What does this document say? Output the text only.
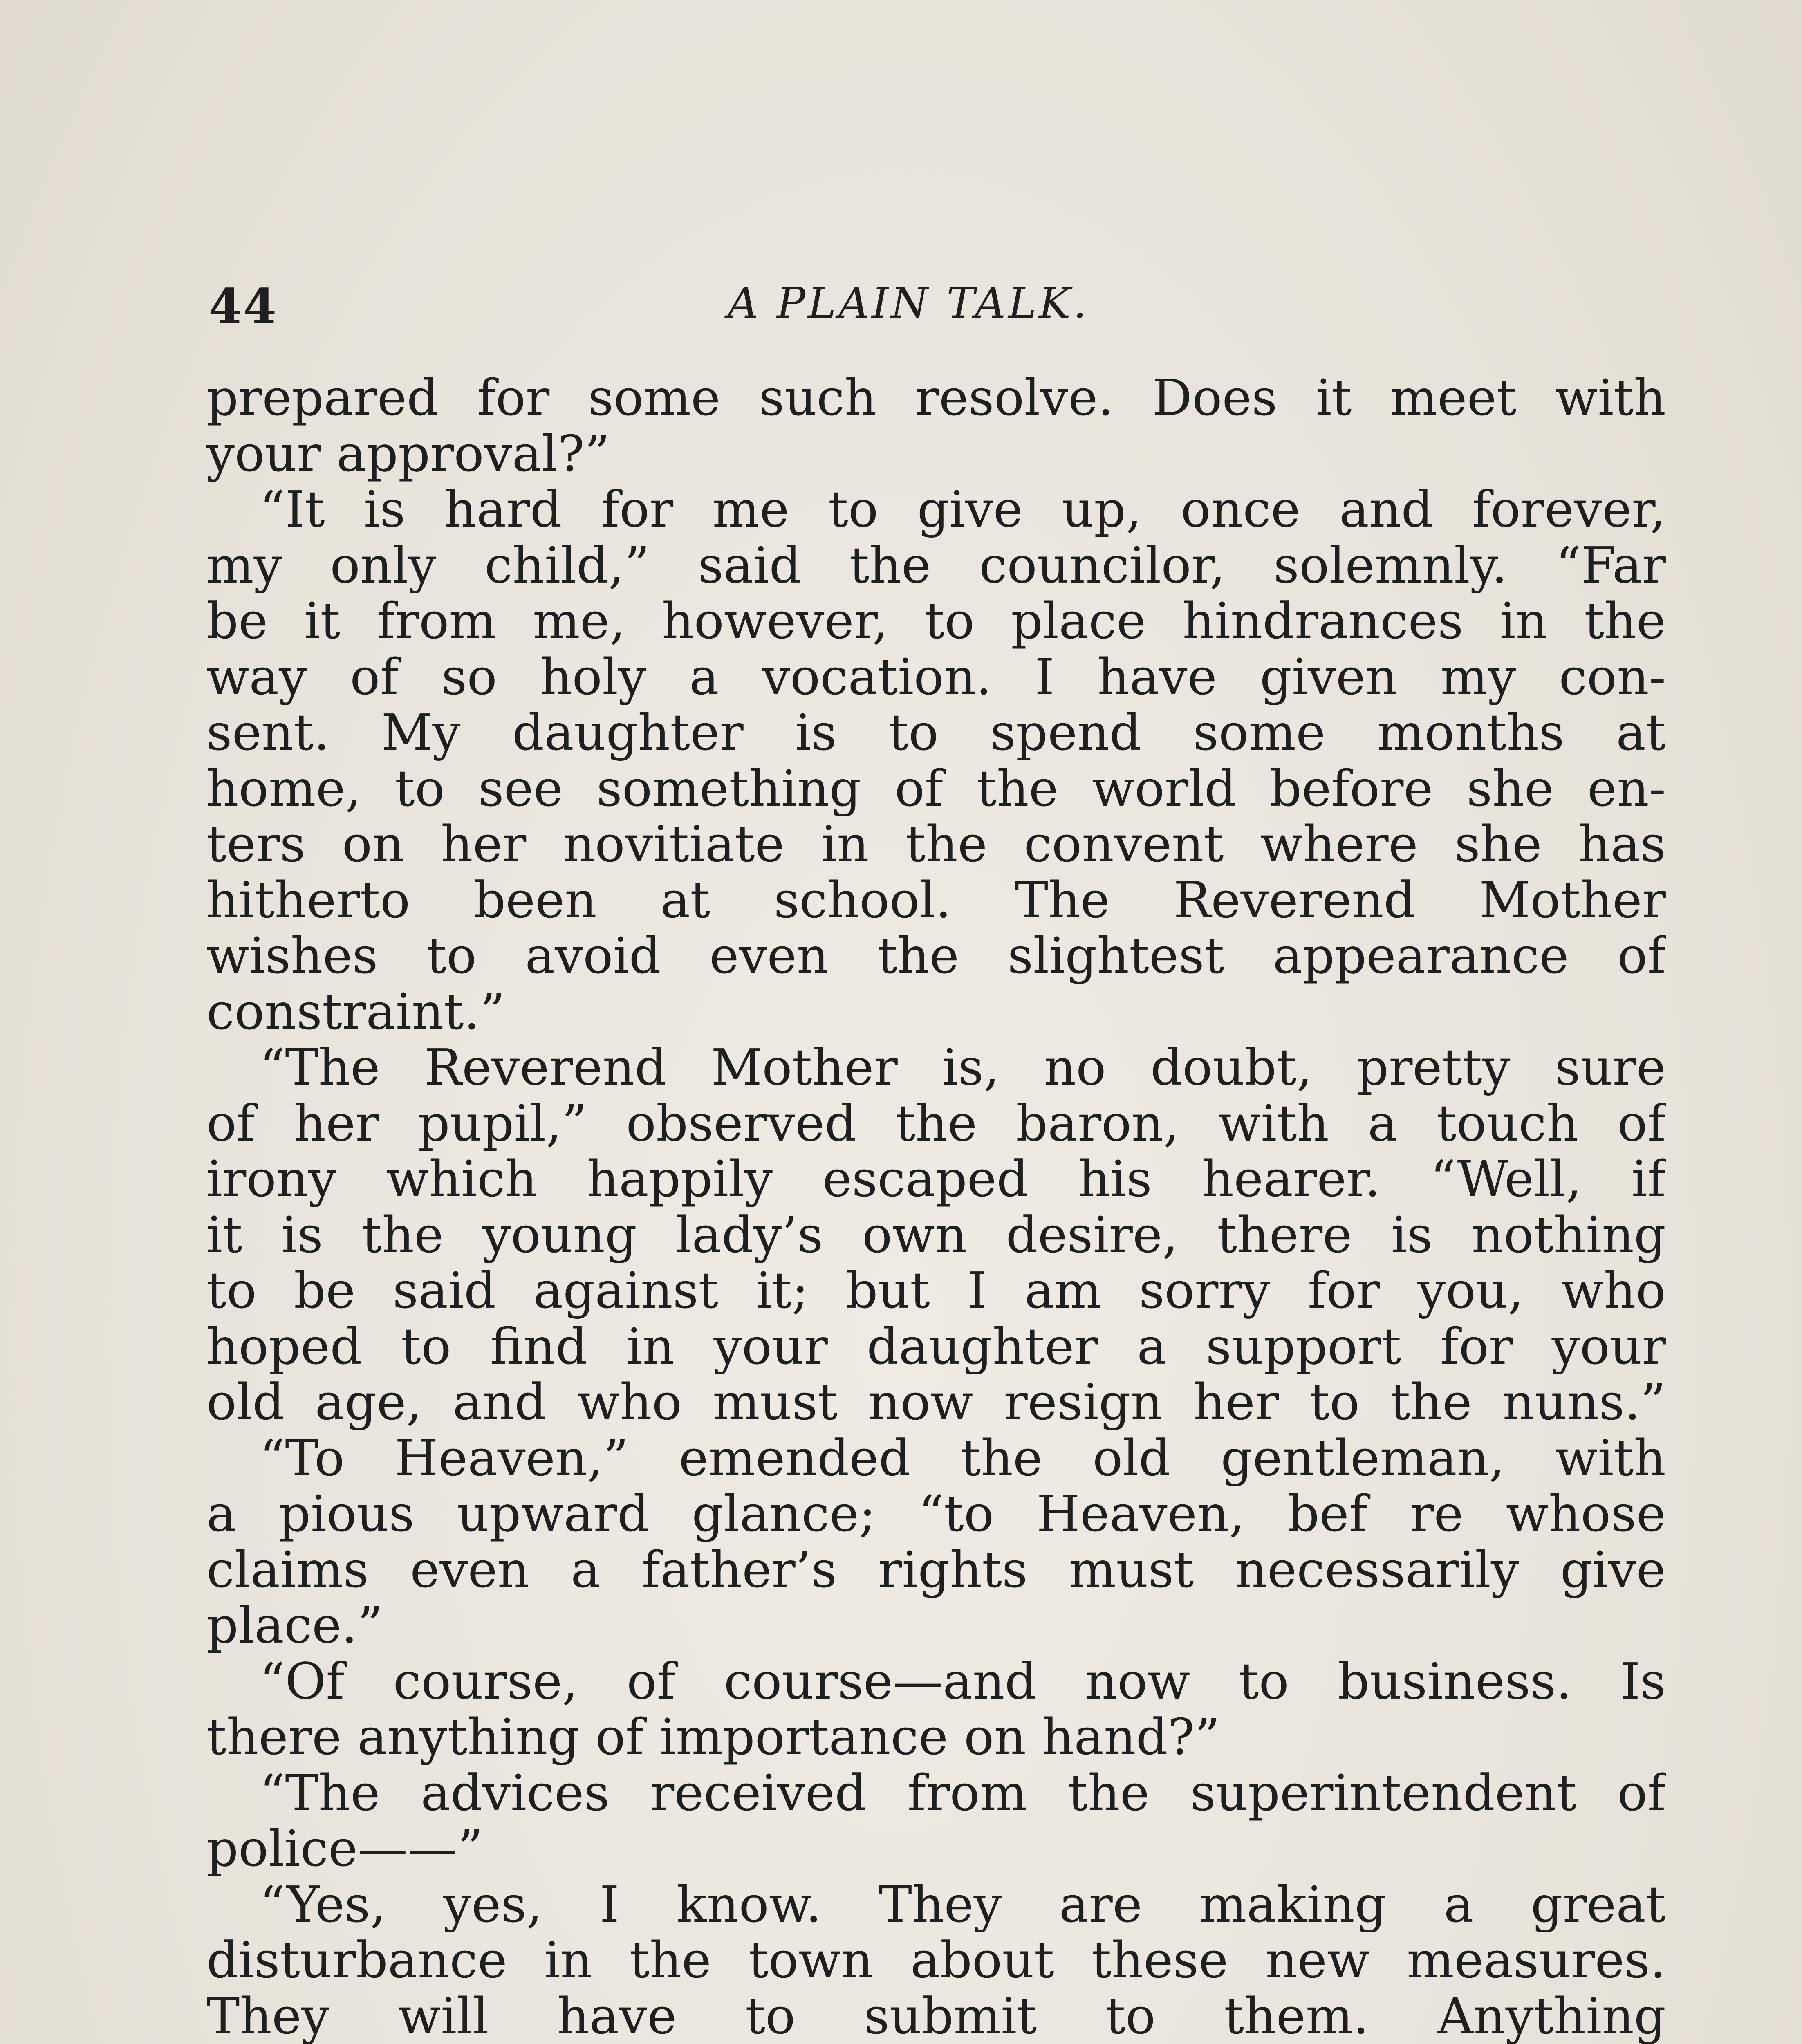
44	A PLAIN TALK.
prepared for some such resolve. Does it meet with
your approval?”
“It is hard for me to give up, once and forever,
my only child,” said the councilor, solemnly. “Far
be it from me, however, to place hindrances in the
way of so holy a vocation. I have given my con-
sent. My daughter is to spend some months at
home, to see something of the world before she en-
ters on her novitiate in the convent where she has
hitherto been at school. The Reverend Mother
wishes to avoid even the slightest appearance of
constraint.”
“The Reverend Mother is, no doubt, pretty sure
of her pupil,” observed the baron, with a touch of
irony which happily escaped his hearer. “Well, if
it is the young lady’s own desire, there is nothing
to be said against it; but I am sorry for you, who
hoped to find in your daughter a support for your
old age, and who must now resign her to the nuns.”
“To Heaven,” emended the old gentleman, with
a pious upward glance; “to Heaven, bef re whose
claims even a father’s rights must necessarily give
place.”
“Of course, of course—and now to business. Is
there anything of importance on hand?”
“The advices received from the superintendent of
police——”
“Yes, yes, I know. They are making a great
disturbance in the town about these new measures.
They will have to submit to them. Anything
